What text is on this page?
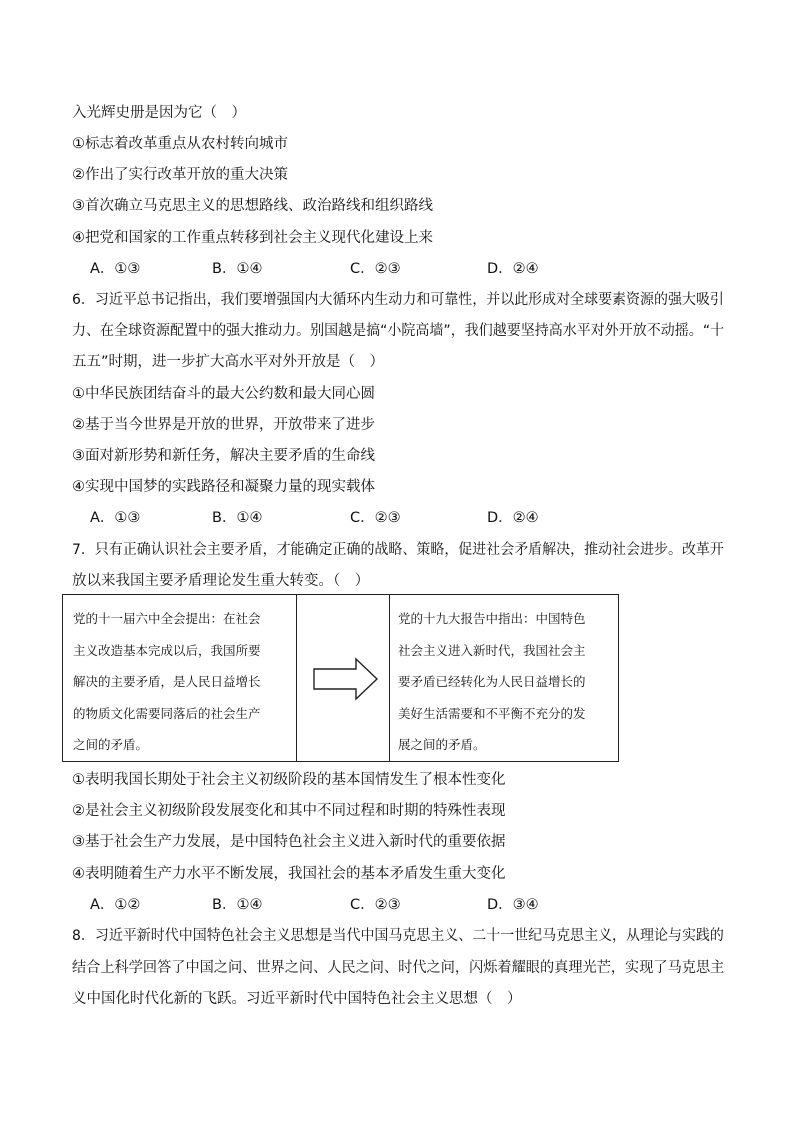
入光辉史册是因为它（　）
①标志着改革重点从农村转向城市
②作出了实行改革开放的重大决策
③首次确立马克思主义的思想路线、政治路线和组织路线
④把党和国家的工作重点转移到社会主义现代化建设上来
A．①③	B．①④	C．②③	D．②④
6．习近平总书记指出，我们要增强国内大循环内生动力和可靠性，并以此形成对全球要素资源的强大吸引
力、在全球资源配置中的强大推动力。别国越是搞“小院高墙”，我们越要坚持高水平对外开放不动摇。“十
五五”时期，进一步扩大高水平对外开放是（　）
①中华民族团结奋斗的最大公约数和最大同心圆
②基于当今世界是开放的世界，开放带来了进步
③面对新形势和新任务，解决主要矛盾的生命线
④实现中国梦的实践路径和凝聚力量的现实载体
A．①③	B．①④	C．②③	D．②④
7．只有正确认识社会主要矛盾，才能确定正确的战略、策略，促进社会矛盾解决，推动社会进步。改革开
放以来我国主要矛盾理论发生重大转变。（　）
党的十一届六中全会提出：在社会
主义改造基本完成以后，我国所要
解决的主要矛盾，是人民日益增长
的物质文化需要同落后的社会生产
之间的矛盾。
党的十九大报告中指出：中国特色
社会主义进入新时代，我国社会主
要矛盾已经转化为人民日益增长的
美好生活需要和不平衡不充分的发
展之间的矛盾。
①表明我国长期处于社会主义初级阶段的基本国情发生了根本性变化
②是社会主义初级阶段发展变化和其中不同过程和时期的特殊性表现
③基于社会生产力发展，是中国特色社会主义进入新时代的重要依据
④表明随着生产力水平不断发展，我国社会的基本矛盾发生重大变化
A．①②	B．①④	C．②③	D．③④
8．习近平新时代中国特色社会主义思想是当代中国马克思主义、二十一世纪马克思主义，从理论与实践的
结合上科学回答了中国之问、世界之问、人民之问、时代之问，闪烁着耀眼的真理光芒，实现了马克思主
义中国化时代化新的飞跃。习近平新时代中国特色社会主义思想（　）
